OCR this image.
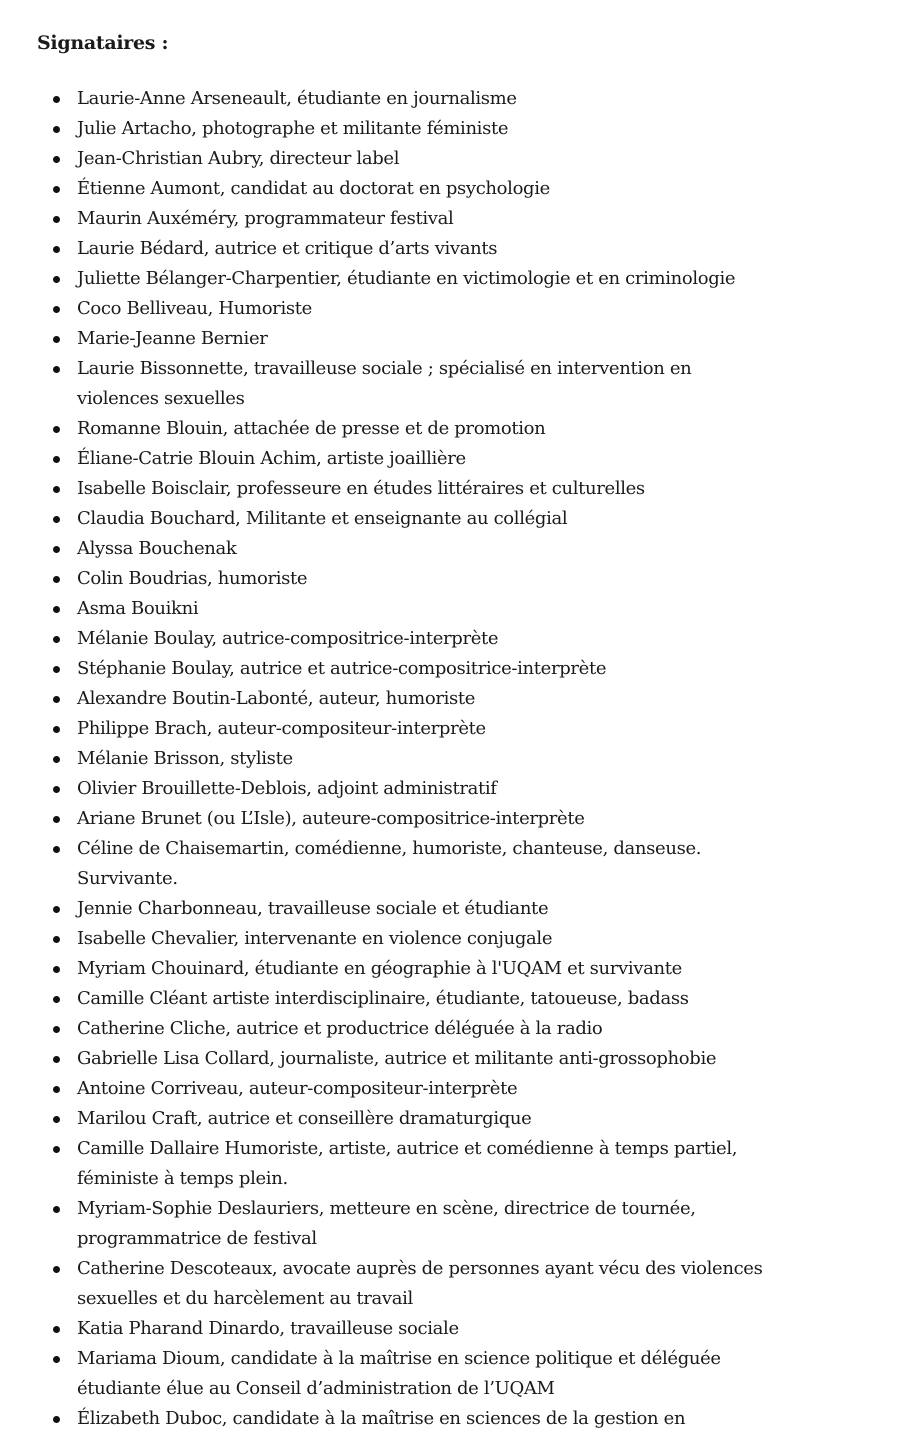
Signataires :
Laurie-Anne Arseneault, étudiante en journalisme
Julie Artacho, photographe et militante féministe
Jean-Christian Aubry, directeur label
Étienne Aumont, candidat au doctorat en psychologie
Maurin Auxéméry, programmateur festival
Laurie Bédard, autrice et critique d’arts vivants
Juliette Bélanger-Charpentier, étudiante en victimologie et en criminologie
Coco Belliveau, Humoriste
Marie-Jeanne Bernier
Laurie Bissonnette, travailleuse sociale ; spécialisé en intervention en violences sexuelles
Romanne Blouin, attachée de presse et de promotion
Éliane-Catrie Blouin Achim, artiste joaillière
Isabelle Boisclair, professeure en études littéraires et culturelles
Claudia Bouchard, Militante et enseignante au collégial
Alyssa Bouchenak
Colin Boudrias, humoriste
Asma Bouikni
Mélanie Boulay, autrice-compositrice-interprète
Stéphanie Boulay, autrice et autrice-compositrice-interprète
Alexandre Boutin-Labonté, auteur, humoriste
Philippe Brach, auteur-compositeur-interprète
Mélanie Brisson, styliste
Olivier Brouillette-Deblois, adjoint administratif
Ariane Brunet (ou L’Isle), auteure-compositrice-interprète
Céline de Chaisemartin, comédienne, humoriste, chanteuse, danseuse. Survivante.
Jennie Charbonneau, travailleuse sociale et étudiante
Isabelle Chevalier, intervenante en violence conjugale
Myriam Chouinard, étudiante en géographie à l'UQAM et survivante
Camille Cléant artiste interdisciplinaire, étudiante, tatoueuse, badass
Catherine Cliche, autrice et productrice déléguée à la radio
Gabrielle Lisa Collard, journaliste, autrice et militante anti-grossophobie
Antoine Corriveau, auteur-compositeur-interprète
Marilou Craft, autrice et conseillère dramaturgique
Camille Dallaire Humoriste, artiste, autrice et comédienne à temps partiel, féministe à temps plein.
Myriam-Sophie Deslauriers, metteure en scène, directrice de tournée, programmatrice de festival
Catherine Descoteaux, avocate auprès de personnes ayant vécu des violences sexuelles et du harcèlement au travail
Katia Pharand Dinardo, travailleuse sociale
Mariama Dioum, candidate à la maîtrise en science politique et déléguée étudiante élue au Conseil d’administration de l’UQAM
Élizabeth Duboc, candidate à la maîtrise en sciences de la gestion en
